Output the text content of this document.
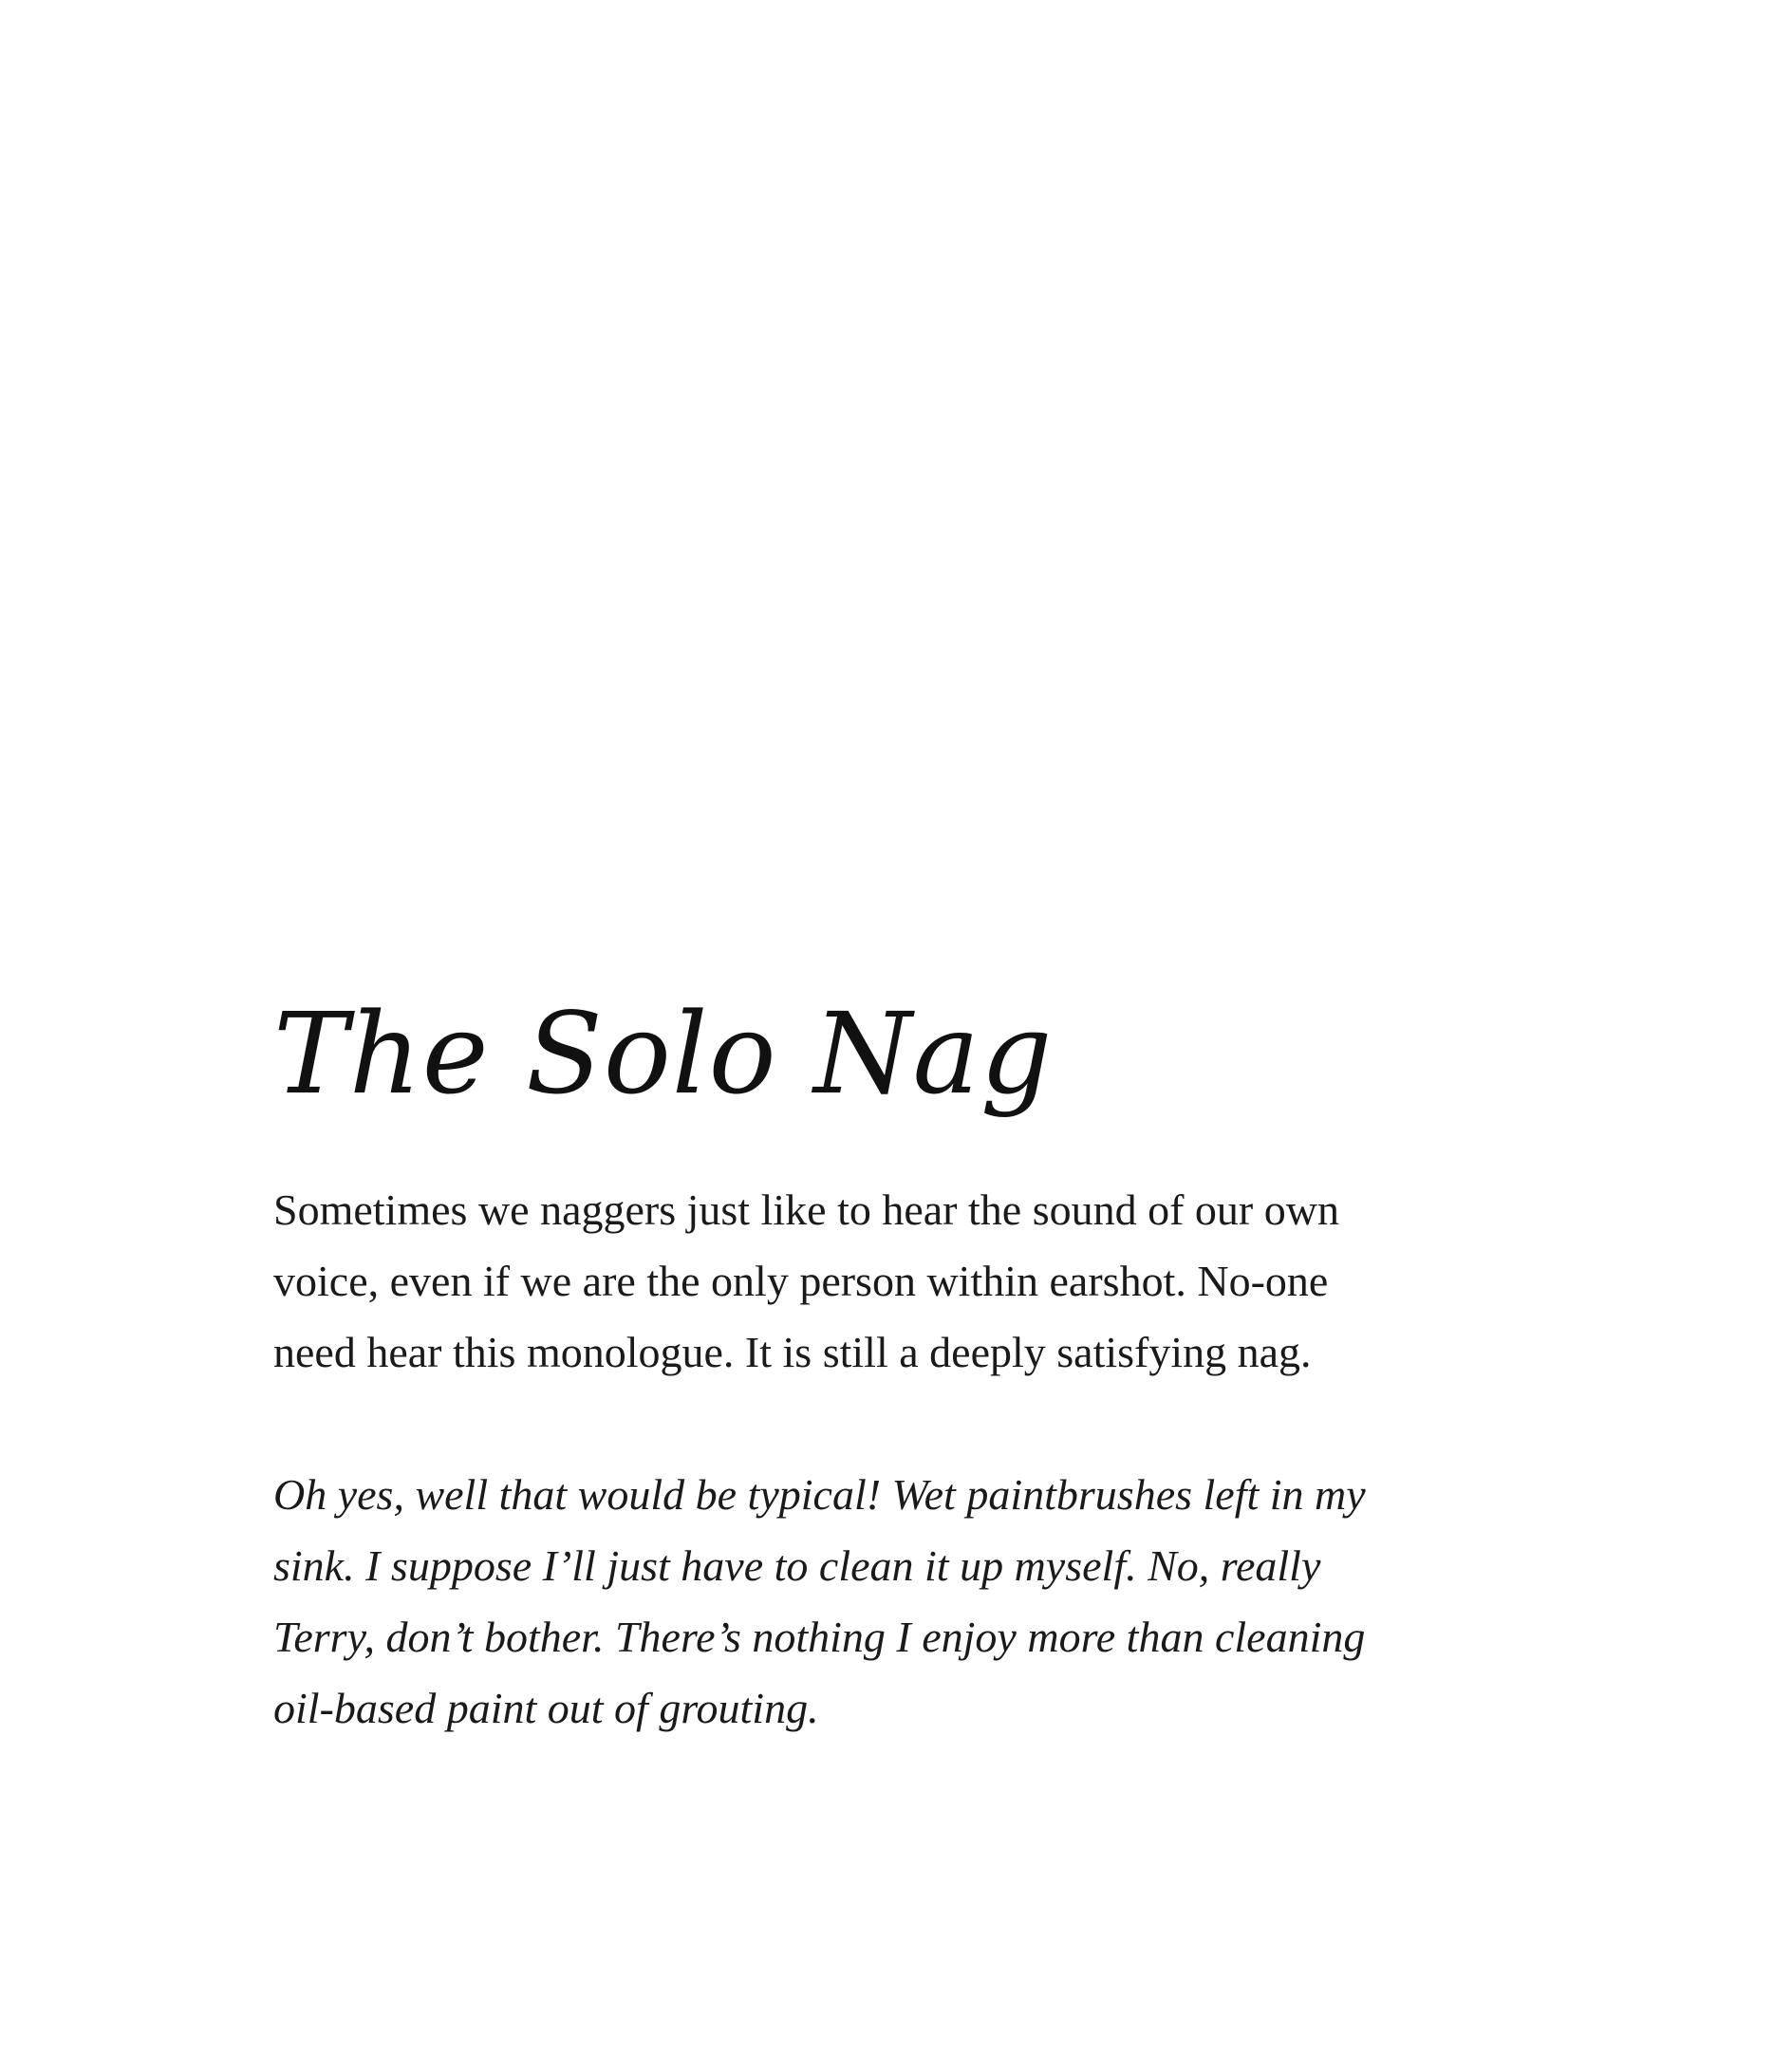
The Solo Nag

Sometimes we naggers just like to hear the sound of our own
voice, even if we are the only person within earshot. No-one
need hear this monologue. It is still a deeply satisfying nag.

Oh yes, well that would be typical! Wet paintbrushes left in my
sink. I suppose I’ll just have to clean it up myself. No, really
Terry, don’t bother. There’s nothing I enjoy more than cleaning
oil-based paint out of grouting.
